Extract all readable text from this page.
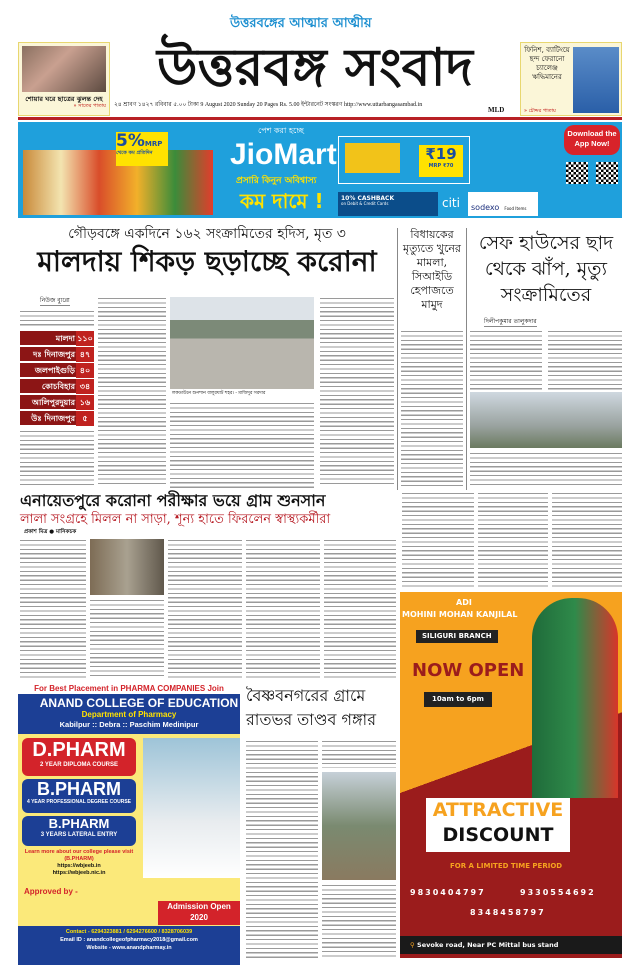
শোয়ার ঘরে ছাত্রের ঝুলন্ত দেহ
» সাতের পাতায়
উত্তরবঙ্গের আত্মার আত্মীয়
উত্তরবঙ্গ সংবাদ
২৪ শ্রাবণ ১৪২৭ রবিবার ৫.০০ টাকা 9 August 2020 Sunday 20 Pages Rs. 5.00 ইন্টারনেট সংস্করণ http://www.uttarbangasambad.in
MLD
ফিনিশ, ব্যাটিংয়ে ছন্দ ফেরানো চ্যালেঞ্জ ঋদ্ধিমানের
» চৌদ্দর পাতায়
5%MRP
থেকে কম প্রতিদিন
পেশ করা হচ্ছে
JioMart
প্রসারি কিনুন অবিশ্বাস্য
কম দামে !
₹19
MRP ₹70
10% CASHBACK
on Debit & Credit Cards	citi	sodexo Food Items
Download the App Now!
গৌড়বঙ্গে একদিনে ১৬২ সংক্রামিতের হদিস, মৃত ৩
মালদায় শিকড় ছড়াচ্ছে করোনা
নিউজ ব্যুরো
মালদা ১১০
দঃ দিনাজপুর ৪৭
জলপাইগুড়ি ৪০
কোচবিহার ৩৪
আলিপুরদুয়ার ১৬
উঃ দিনাজপুর ৫
লকডাউনে শুনশান বালুরঘাট শহর। - মাজিদুর সরদার
বিধায়কের মৃত্যুতে খুনের মামলা, সিআইডি হেপাজতে মামুদ
সেফ হাউসের ছাদ থেকে ঝাঁপ, মৃত্যু সংক্রামিতের
দিলীপকুমার তালুকদার
এনায়েতপুরে করোনা পরীক্ষার ভয়ে গ্রাম শুনসান
লালা সংগ্রহে মিলল না সাড়া, শূন্য হাতে ফিরলেন স্বাস্থ্যকর্মীরা
প্রকাশ মিত্র ● মানিকচক
For Best Placement in PHARMA COMPANIES Join
ANAND COLLEGE OF EDUCATION
Department of Pharmacy
Kabilpur :: Debra :: Paschim Medinipur
D.PHARM
2 YEAR DIPLOMA COURSE
B.PHARM
4 YEAR PROFESSIONAL DEGREE COURSE
B.PHARM
3 YEARS LATERAL ENTRY
Learn more about our college please visit (B.PHARM)
https://wbjeeb.in
https://wbjeeb.nic.in
Approved by -
Admission Open 2020
Contact - 6294323881 / 6294276600 / 8328706039
Email ID : anandcollegeofpharmacy2018@gmail.com
Website - www.anandpharmay.in
বৈষ্ণবনগরের গ্রামে রাতভর তাণ্ডব গঙ্গার
ADI
MOHINI MOHAN KANJILAL
SILIGURI BRANCH
NOW OPEN
10am to 6pm
ATTRACTIVE
DISCOUNT
FOR A LIMITED TIME PERIOD
9830404797	9330554692
8348458797
⚲ Sevoke road, Near PC Mittal bus stand
